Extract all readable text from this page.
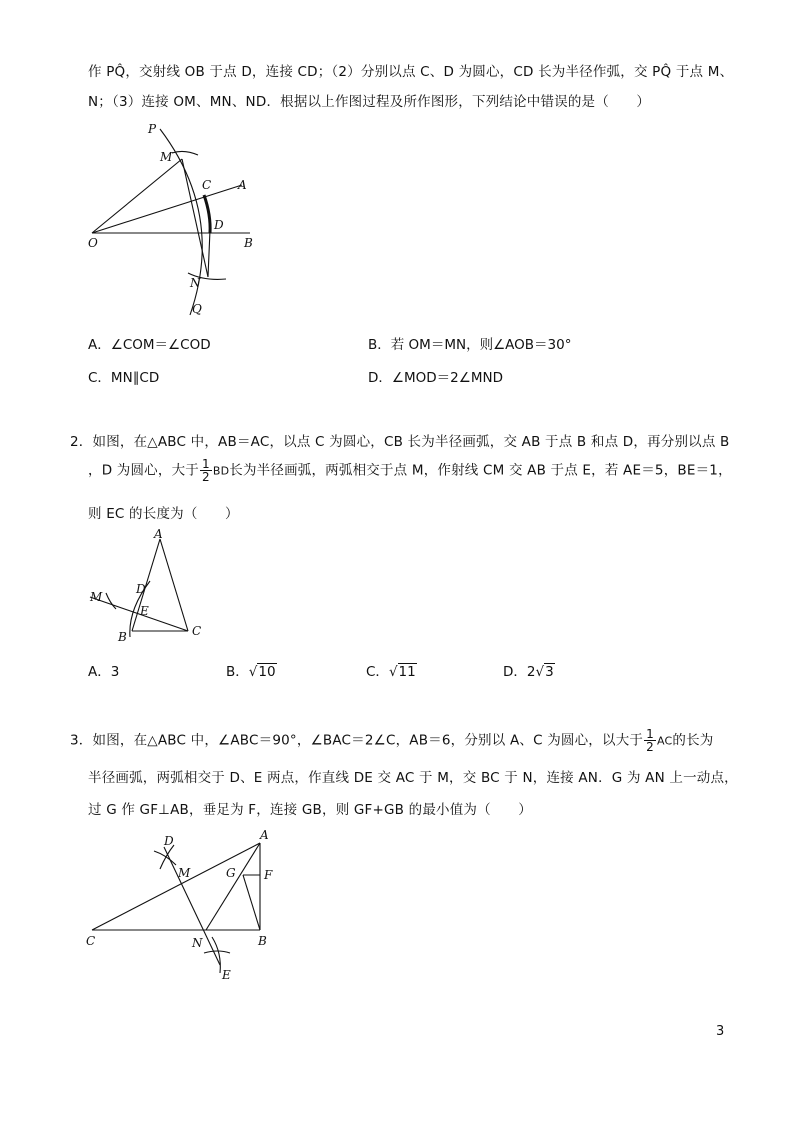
作 PQ̂，交射线 OB 于点 D，连接 CD；（2）分别以点 C、D 为圆心，CD 长为半径作弧，交 PQ̂ 于点 M、
N；（3）连接 OM、MN、ND．根据以上作图过程及所作图形，下列结论中错误的是（　　）
P
M
C A
D
O	B
N
Q
A．∠COM＝∠COD	B．若 OM＝MN，则∠AOB＝30°
C．MN∥CD	D．∠MOD＝2∠MND
2．如图，在△ABC 中，AB＝AC，以点 C 为圆心，CB 长为半径画弧，交 AB 于点 B 和点 D，再分别以点 B
，D 为圆心，大于 $\frac{1}{2}$ BD长为半径画弧，两弧相交于点 M，作射线 CM 交 AB 于点 E，若 AE＝5，BE＝1，
则 EC 的长度为（　　）
A
D
M
E
B	C
A．3	B．√10	C．√11	D．2√3
3．如图，在△ABC 中，∠ABC＝90°，∠BAC＝2∠C，AB＝6，分别以 A、C 为圆心，以大于 $\frac{1}{2}$ AC的长为
半径画弧，两弧相交于 D、E 两点，作直线 DE 交 AC 于 M，交 BC 于 N，连接 AN．G 为 AN 上一动点，
过 G 作 GF⊥AB，垂足为 F，连接 GB，则 GF+GB 的最小值为（　　）
D	A
M	G F
C	N	B
E
3
